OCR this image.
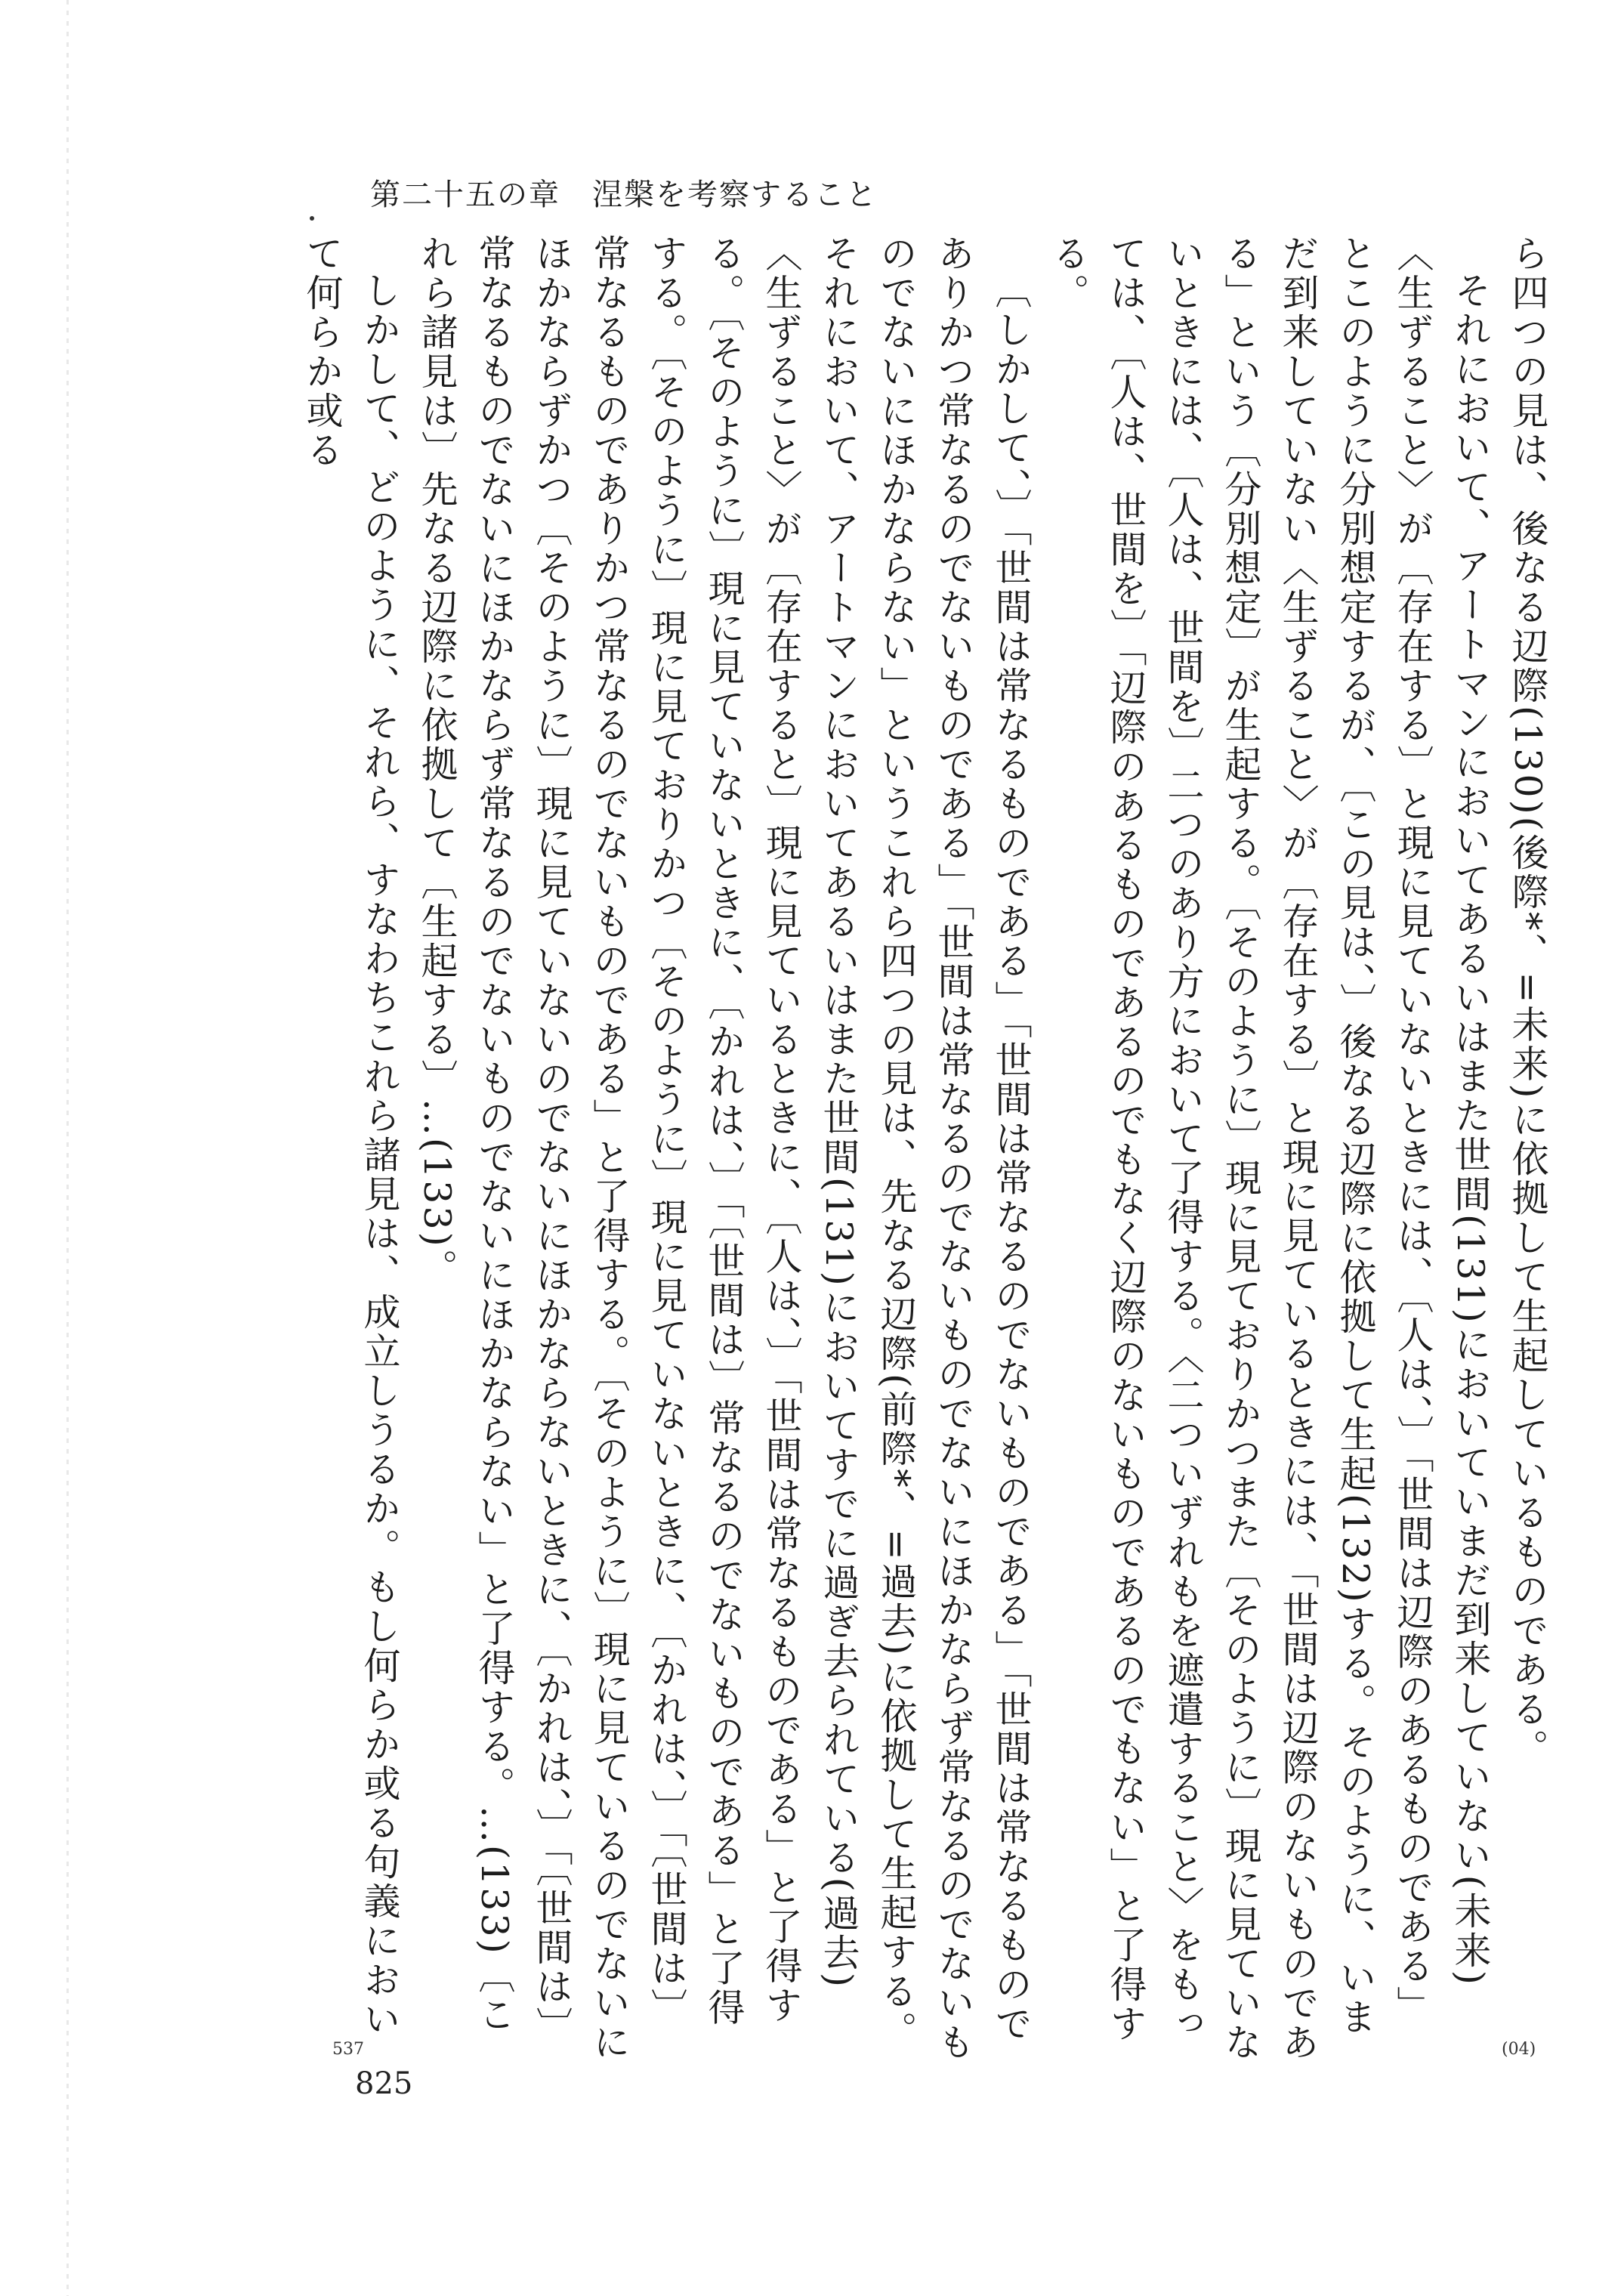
第二十五の章　涅槃を考察すること

ら四つの見は、後なる辺際(130)(後際*、=未来)に依拠して生起しているものである。

それにおいて、アートマンにおいてあるいはまた世間(131)においていまだ到来していない(未来)〈生ずること〉が〔存在する〕と現に見ていないときには、〔人は、〕「世間は辺際のあるものである」とこのように分別想定するが、〔この見は、〕後なる辺際に依拠して生起(132)する。そのように、いまだ到来していない〈生ずること〉が〔存在する〕と現に見ているときには、「世間は辺際のないものである」という〔分別想定〕が生起する。〔そのように〕現に見ておりかつまた〔そのように〕現に見ていないときには、〔人は、世間を〕二つのあり方において了得する。〈二ついずれもを遮遣すること〉をもっては、〔人は、世間を〕「辺際のあるものであるのでもなく辺際のないものであるのでもない」と了得する。

〔しかして、〕「世間は常なるものである」「世間は常なるのでないものである」「世間は常なるものでありかつ常なるのでないものである」「世間は常なるのでないものでないにほかならず常なるのでないものでないにほかならない」というこれら四つの見は、先なる辺際(前際*、=過去)に依拠して生起する。それにおいて、アートマンにおいてあるいはまた世間(131)においてすでに過ぎ去られている(過去)〈生ずること〉が〔存在すると〕現に見ているときに、〔人は、〕「世間は常なるものである」と了得する。〔そのように〕現に見ていないときに、〔かれは、〕「〔世間は〕常なるのでないものである」と了得する。〔そのように〕現に見ておりかつ〔そのように〕現に見ていないときに、〔かれは、〕「〔世間は〕常なるものでありかつ常なるのでないものである」と了得する。〔そのように〕現に見ているのでないにほかならずかつ〔そのように〕現に見ていないのでないにほかならないときに、〔かれは、〕「〔世間は〕常なるものでないにほかならず常なるのでないものでないにほかならない」と了得する。…(133)〔これら諸見は〕先なる辺際に依拠して〔生起する〕…(133)。

しかして、どのように、それら、すなわちこれら諸見は、成立しうるか。もし何らか或る句義において何らか或る

(04)
537
825
